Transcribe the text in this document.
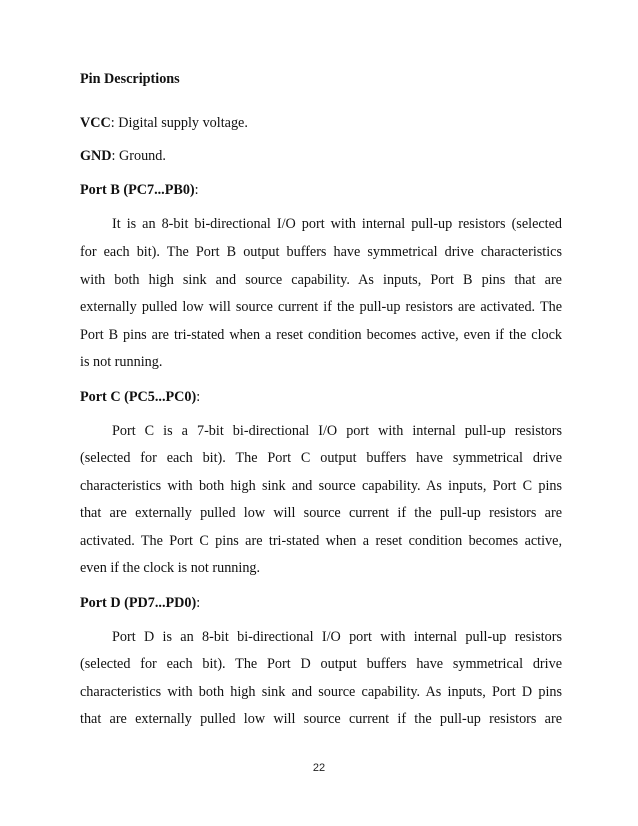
Pin Descriptions
VCC: Digital supply voltage.
GND: Ground.
Port B (PC7...PB0):
It is an 8-bit bi-directional I/O port with internal pull-up resistors (selected
for each bit). The Port B output buffers have symmetrical drive characteristics
with both high sink and source capability. As inputs, Port B pins that are
externally pulled low will source current if the pull-up resistors are activated. The
Port B pins are tri-stated when a reset condition becomes active, even if the clock
is not running.
Port C (PC5...PC0):
Port C is a 7-bit bi-directional I/O port with internal pull-up resistors
(selected for each bit). The Port C output buffers have symmetrical drive
characteristics with both high sink and source capability. As inputs, Port C pins
that are externally pulled low will source current if the pull-up resistors are
activated. The Port C pins are tri-stated when a reset condition becomes active,
even if the clock is not running.
Port D (PD7...PD0):
Port D is an 8-bit bi-directional I/O port with internal pull-up resistors
(selected for each bit). The Port D output buffers have symmetrical drive
characteristics with both high sink and source capability. As inputs, Port D pins
that are externally pulled low will source current if the pull-up resistors are
22
